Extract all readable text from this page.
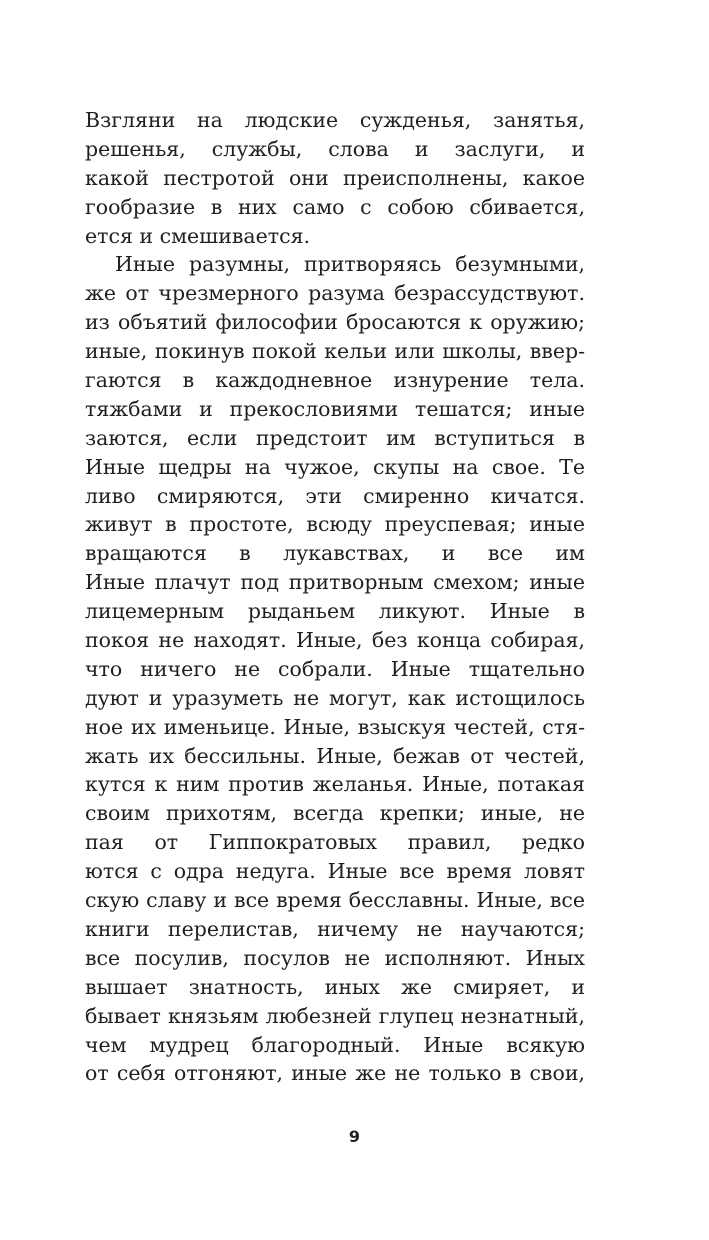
Взгляни на людские сужденья, занятья,
решенья, службы, слова и заслуги, и
какой пестротой они преисполнены, какое
гообразие в них само с собою сбивается,
ется и смешивается.
Иные разумны, притворяясь безумными,
же от чрезмерного разума безрассудствуют.
из объятий философии бросаются к оружию;
иные, покинув покой кельи или школы, ввер-
гаются в каждодневное изнурение тела.
тяжбами и прекословиями тешатся; иные
заются, если предстоит им вступиться в
Иные щедры на чужое, скупы на свое. Те
ливо смиряются, эти смиренно кичатся.
живут в простоте, всюду преуспевая; иные
вращаются в лукавствах, и все им
Иные плачут под притворным смехом; иные
лицемерным рыданьем ликуют. Иные в
покоя не находят. Иные, без конца собирая,
что ничего не собрали. Иные тщательно
дуют и уразуметь не могут, как истощилось
ное их именьице. Иные, взыскуя честей, стя-
жать их бессильны. Иные, бежав от честей,
кутся к ним против желанья. Иные, потакая
своим прихотям, всегда крепки; иные, не
пая от Гиппократовых правил, редко
ются с одра недуга. Иные все время ловят
скую славу и все время бесславны. Иные, все
книги перелистав, ничему не научаются;
все посулив, посулов не исполняют. Иных
вышает знатность, иных же смиряет, и
бывает князьям любезней глупец незнатный,
чем мудрец благородный. Иные всякую
от себя отгоняют, иные же не только в свои,
9
